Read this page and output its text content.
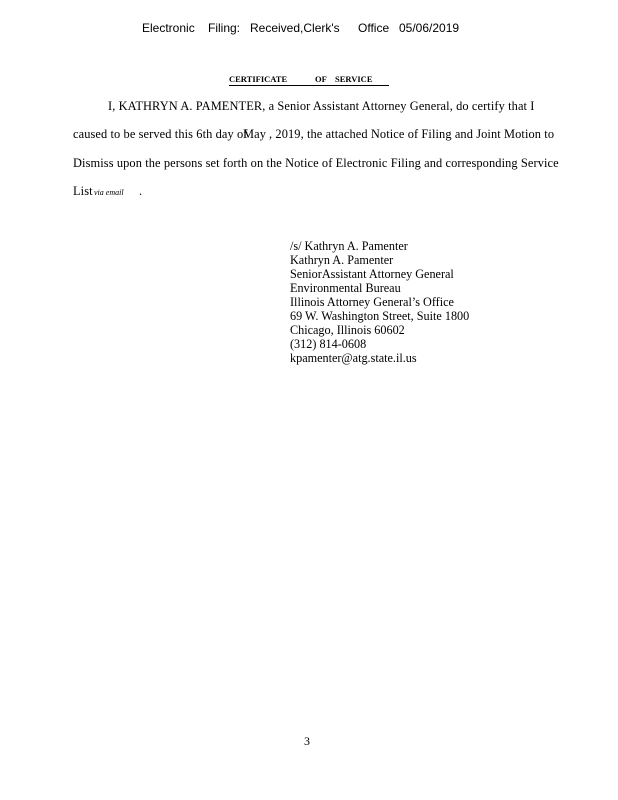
Electronic Filing: Received,Clerk's Office 05/06/2019
CERTIFICATE	OF SERVICE
I, KATHRYN A. PAMENTER, a Senior Assistant Attorney General, do certify that I
caused to be served this 6th day of
May , 2019, the attached Notice of Filing and Joint Motion to
Dismiss upon the persons set forth on the Notice of Electronic Filing and corresponding Service
List via email .
/s/ Kathryn A. Pamenter
Kathryn A. Pamenter
SeniorAssistant Attorney General
Environmental Bureau
Illinois Attorney General’s Office
69 W. Washington Street, Suite 1800
Chicago, Illinois 60602
(312) 814-0608
kpamenter@atg.state.il.us
3
